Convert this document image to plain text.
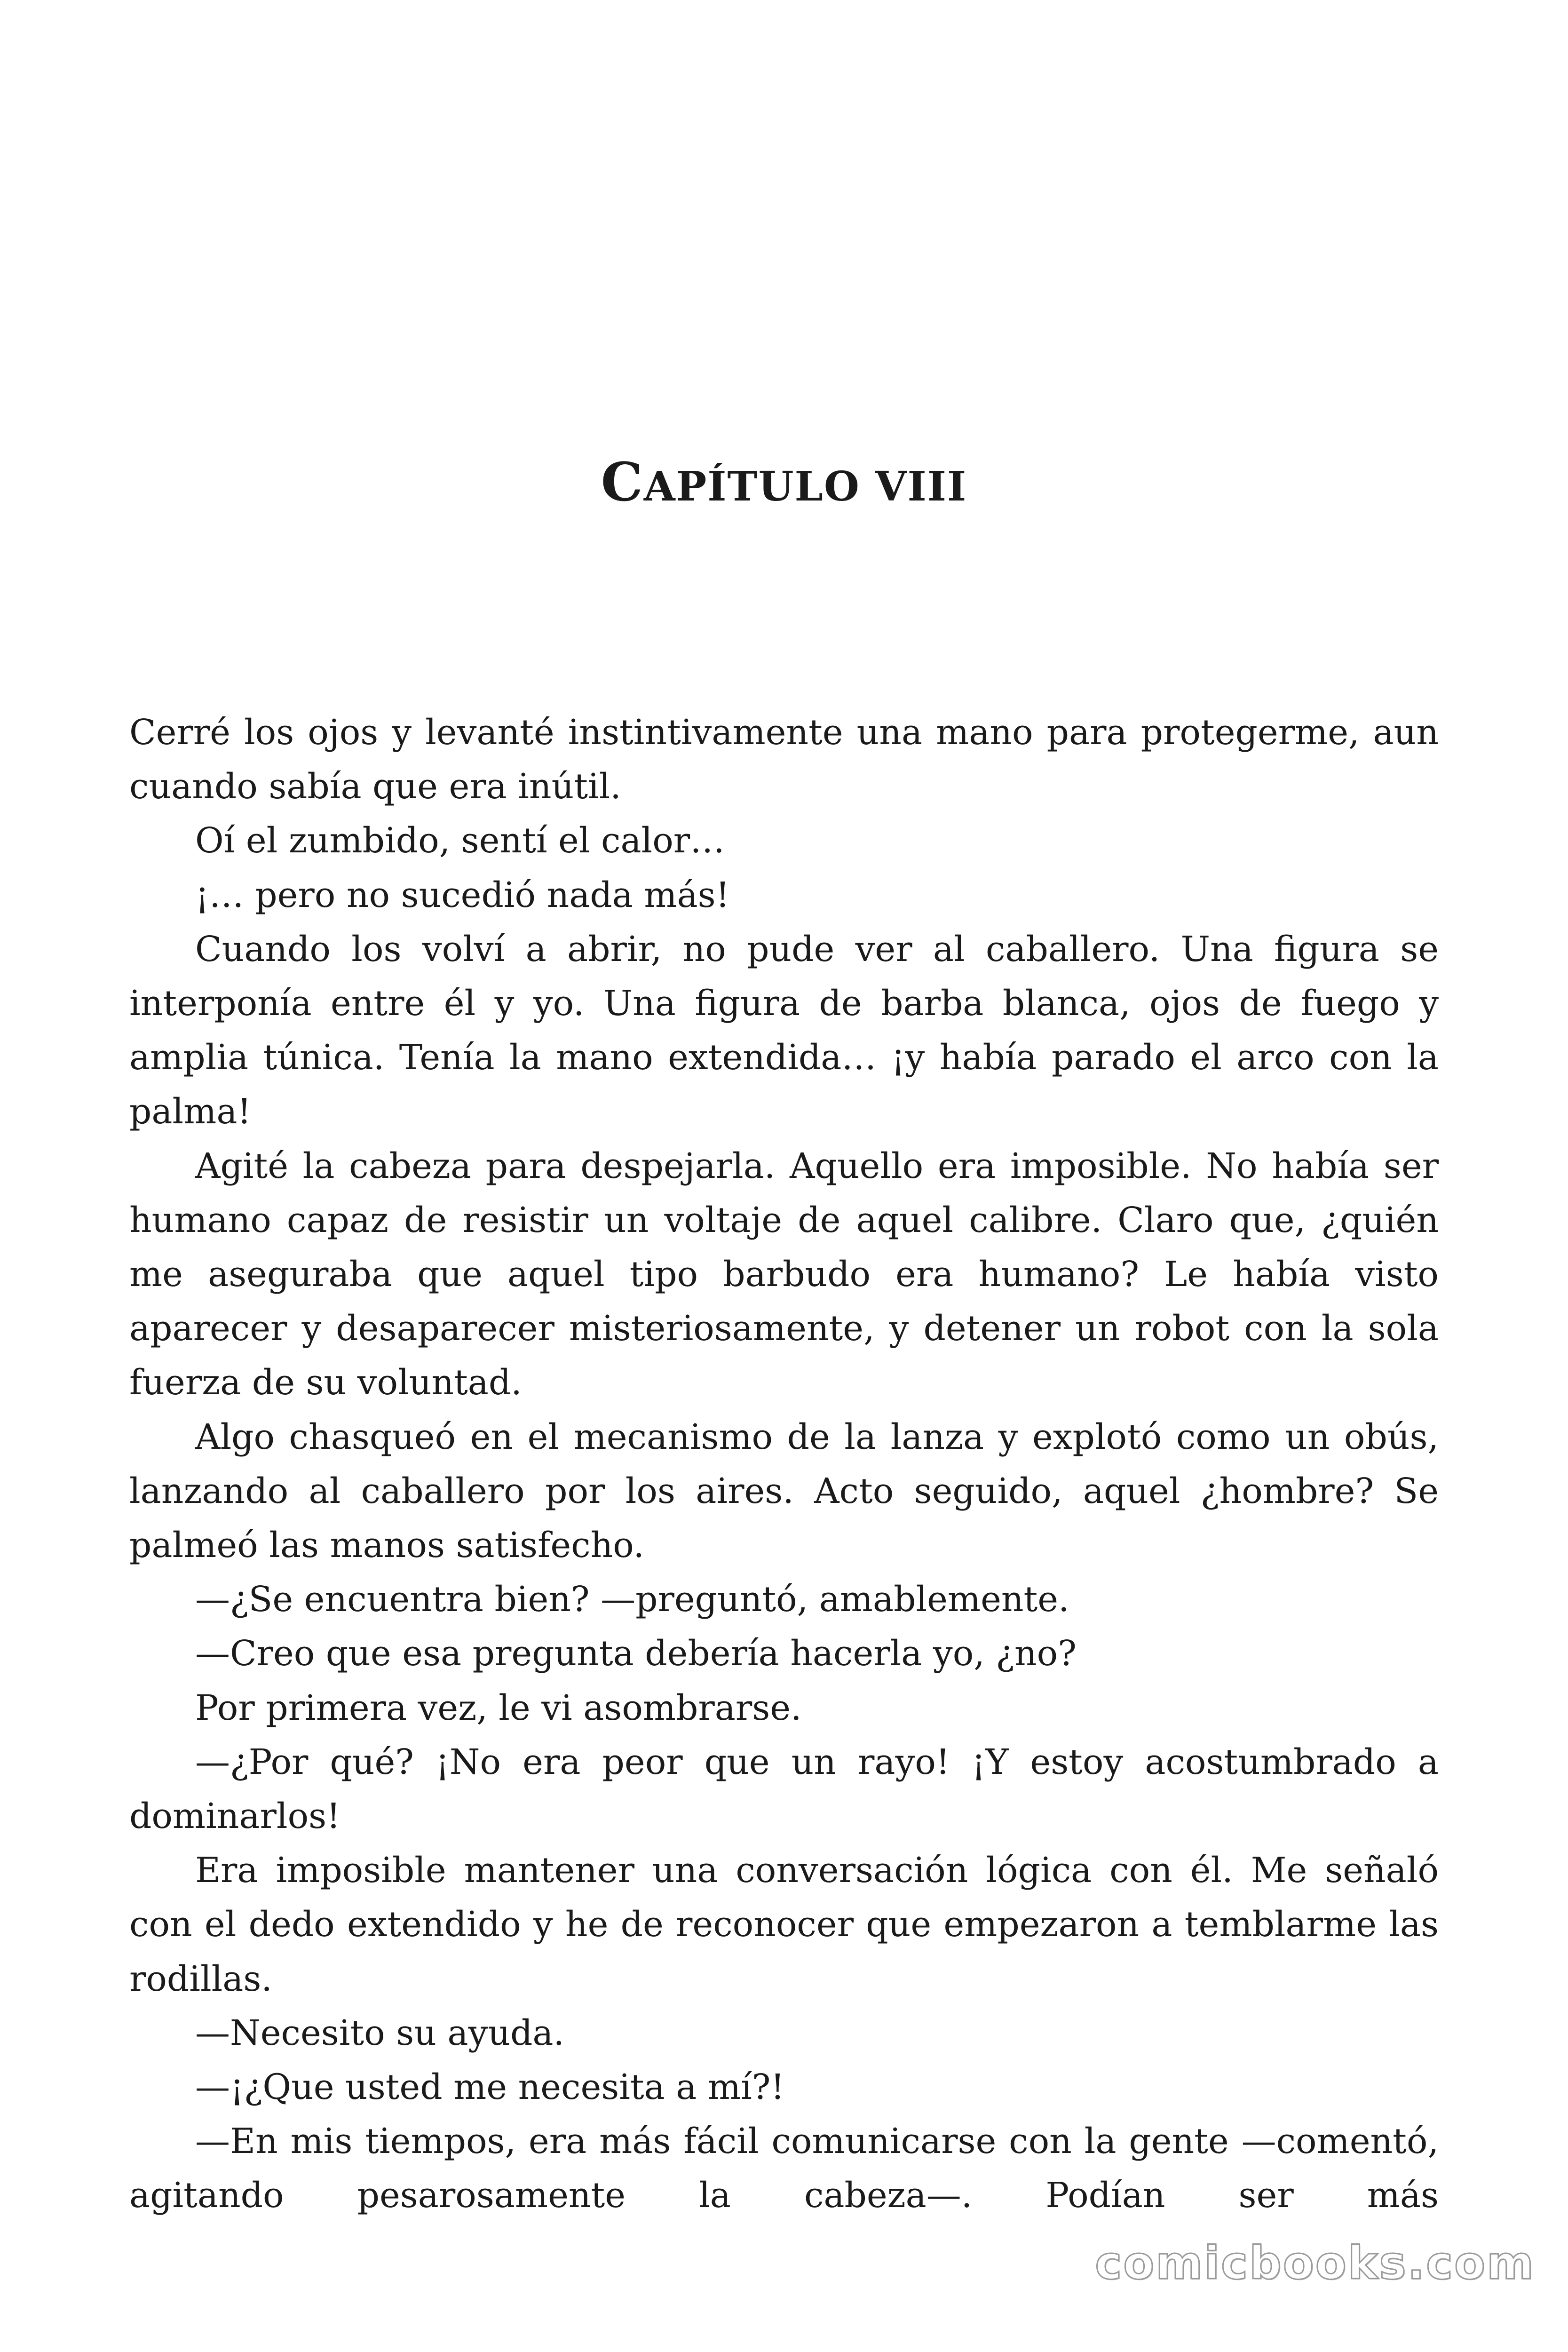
CAPÍTULO VIII

Cerré los ojos y levanté instintivamente una mano para protegerme, aun cuando sabía que era inútil.

Oí el zumbido, sentí el calor…

¡… pero no sucedió nada más!

Cuando los volví a abrir, no pude ver al caballero. Una figura se interponía entre él y yo. Una figura de barba blanca, ojos de fuego y amplia túnica. Tenía la mano extendida… ¡y había parado el arco con la palma!

Agité la cabeza para despejarla. Aquello era imposible. No había ser humano capaz de resistir un voltaje de aquel calibre. Claro que, ¿quién me aseguraba que aquel tipo barbudo era humano? Le había visto aparecer y desaparecer misteriosamente, y detener un robot con la sola fuerza de su voluntad.

Algo chasqueó en el mecanismo de la lanza y explotó como un obús, lanzando al caballero por los aires. Acto seguido, aquel ¿hombre? Se palmeó las manos satisfecho.

—¿Se encuentra bien? —preguntó, amablemente.

—Creo que esa pregunta debería hacerla yo, ¿no?

Por primera vez, le vi asombrarse.

—¿Por qué? ¡No era peor que un rayo! ¡Y estoy acostumbrado a dominarlos!

Era imposible mantener una conversación lógica con él. Me señaló con el dedo extendido y he de reconocer que empezaron a temblarme las rodillas.

—Necesito su ayuda.

—¡¿Que usted me necesita a mí?!

—En mis tiempos, era más fácil comunicarse con la gente —comentó, agitando pesarosamente la cabeza—. Podían ser más

comicbooks.com
